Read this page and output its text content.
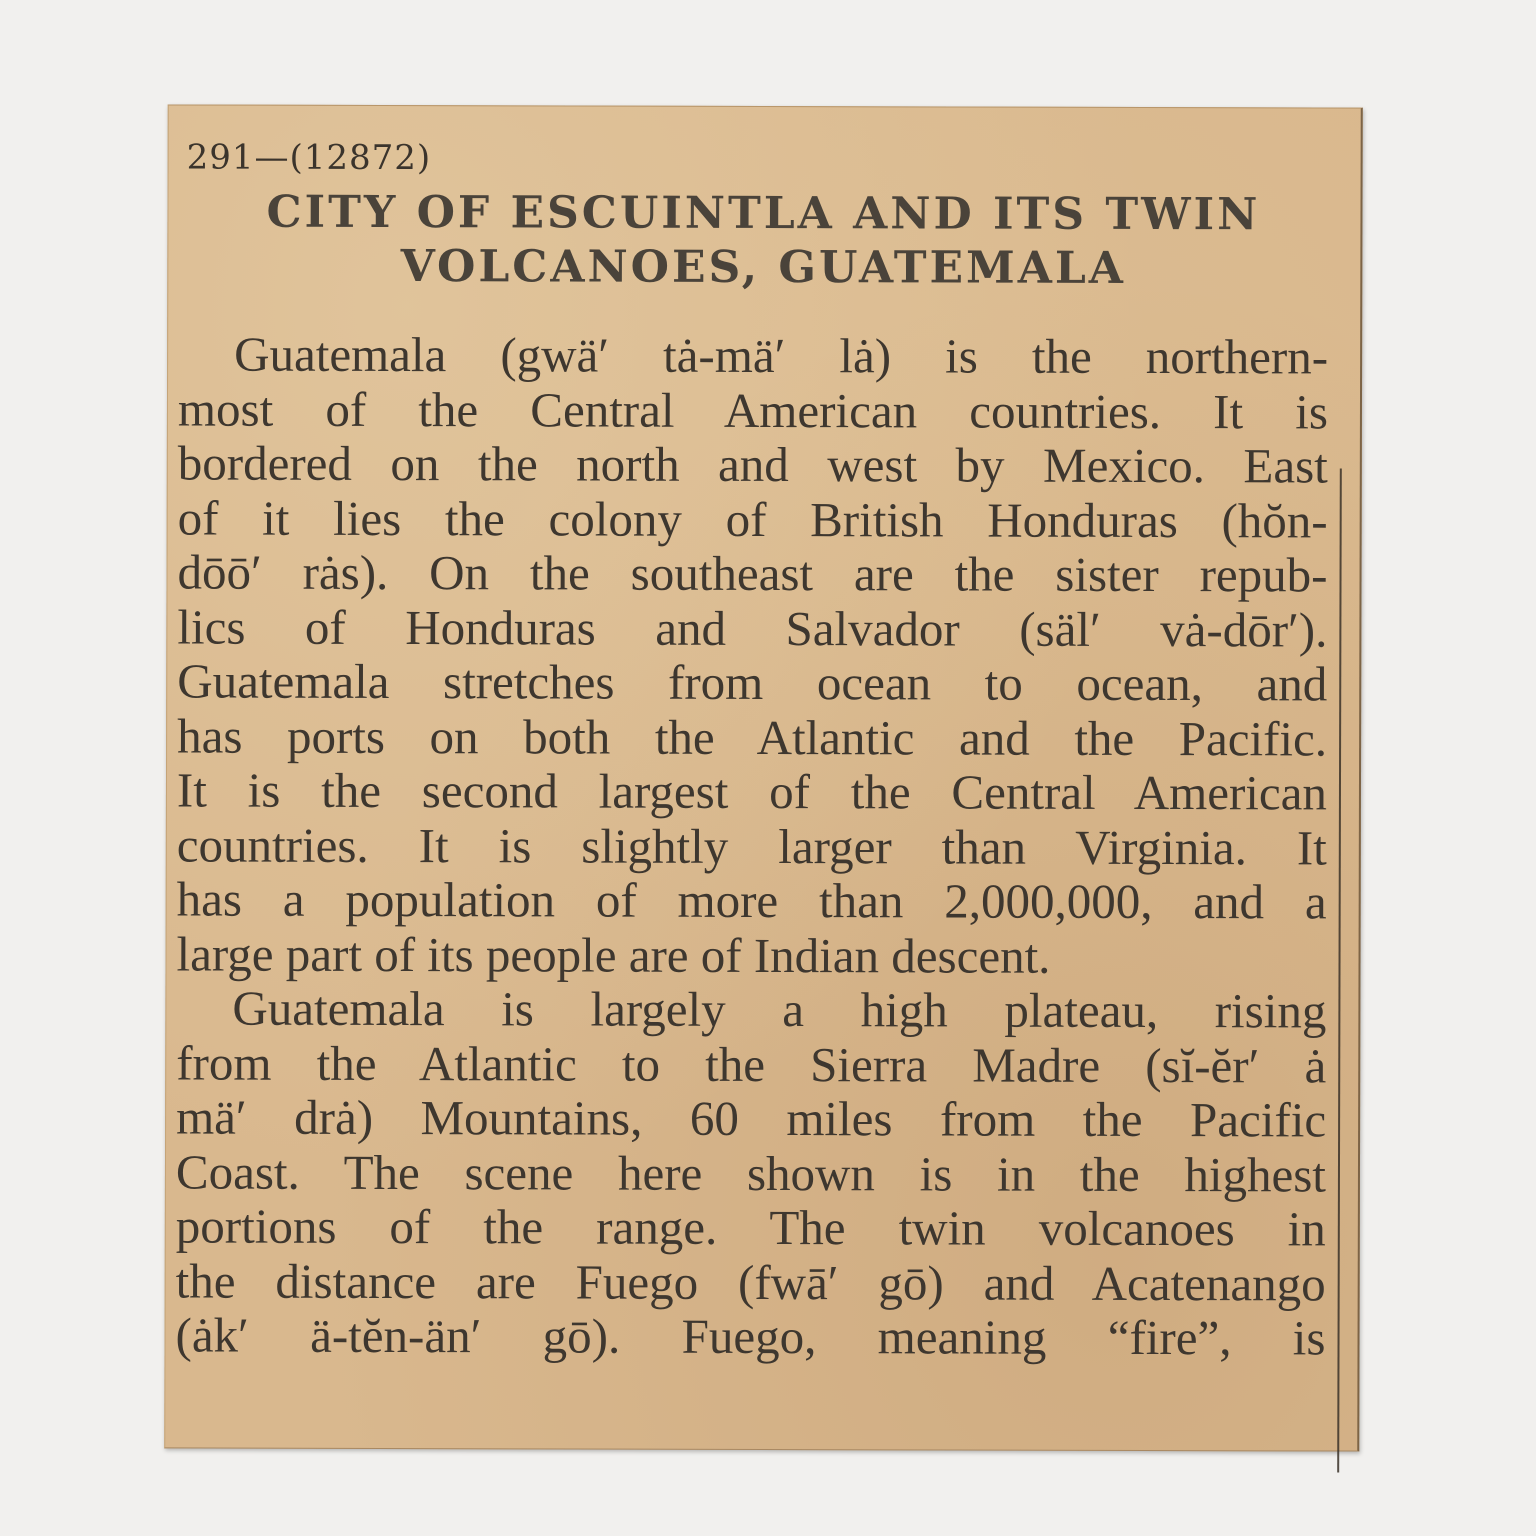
291—(12872)
CITY OF ESCUINTLA AND ITS TWIN
VOLCANOES, GUATEMALA
Guatemala (gwä′ tȧ-mä′ lȧ) is the northern-
most of the Central American countries. It is
bordered on the north and west by Mexico. East
of it lies the colony of British Honduras (hŏn-
dōō′ rȧs). On the southeast are the sister repub-
lics of Honduras and Salvador (säl′ vȧ-dōr′).
Guatemala stretches from ocean to ocean, and
has ports on both the Atlantic and the Pacific.
It is the second largest of the Central American
countries. It is slightly larger than Virginia. It
has a population of more than 2,000,000, and a
large part of its people are of Indian descent.
Guatemala is largely a high plateau, rising
from the Atlantic to the Sierra Madre (sĭ-ĕr′ ȧ
mä′ drȧ) Mountains, 60 miles from the Pacific
Coast. The scene here shown is in the highest
portions of the range. The twin volcanoes in
the distance are Fuego (fwā′ gō) and Acatenango
(ȧk′ ä-tĕn-än′ gō). Fuego, meaning “fire”, is
